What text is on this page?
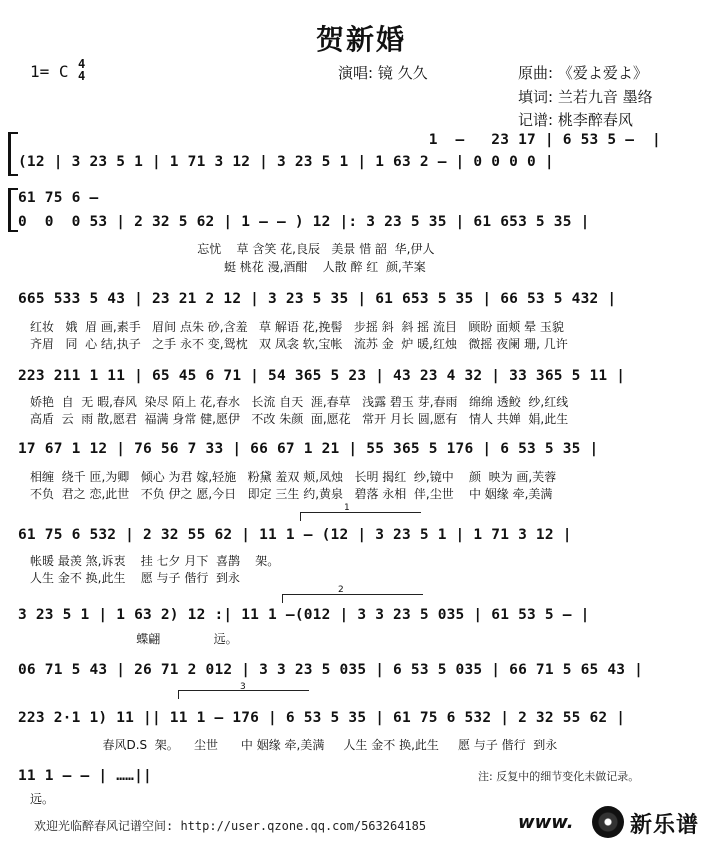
贺新婚
1= C 4
4	演唱: 镜 久久	原曲: 《爱よ爱よ》
填词: 兰若九音 墨络
记谱: 桃李醉春风
1  –   23 17 | 6 53 5 –  |
(12 | 3 23 5 1 | 1 71 3 12 | 3 23 5 1 | 1 63 2 – | 0 0 0 0 |
61 75 6 –
0  0  0 53 | 2 32 5 62 | 1 – – ) 12 |: 3 23 5 35 | 61 653 5 35 |
忘忧    草 含笑 花,良辰   美景 惜 韶  华,伊人
蜓 桃花 漫,酒酣    人散 醉 红  颜,芊案
665 533 5 43 | 23 21 2 12 | 3 23 5 35 | 61 653 5 35 | 66 53 5 432 |
红妆   娥  眉 画,素手   眉间 点朱 砂,含羞   草 解语 花,挽髻   步摇 斜  斜 摇 流目   顾盼 面颊 晕 玉貌
齐眉   同  心 结,执子   之手 永不 变,鸳枕   双 凤衾 软,宝帐   流苏 金  炉 暖,红烛   微摇 夜阑 珊, 几许
223 211 1 11 | 65 45 6 71 | 54 365 5 23 | 43 23 4 32 | 33 365 5 11 |
娇艳  自  无 暇,春风  染尽 陌上 花,春水   长流 自天  涯,春草   浅露 碧玉 芽,春雨   绵绵 透鲛  纱,红线
高盾  云  雨 散,愿君  福满 身常 健,愿伊   不改 朱颜  面,愿花   常开 月长 圆,愿有   情人 共婵  娟,此生
17 67 1 12 | 76 56 7 33 | 66 67 1 21 | 55 365 5 176 | 6 53 5 35 |
相缠  绕千 匝,为卿   倾心 为君 嫁,轻施   粉黛 羞双 颊,凤烛   长明 揭红  纱,镜中    颜  映为 画,芙蓉
不负  君之 恋,此世   不负 伊之 愿,今日   即定 三生 约,黄泉   碧落 永相  伴,尘世    中 姻缘 牵,美满
1
61 75 6 532 | 2 32 55 62 | 11 1 – (12 | 3 23 5 1 | 1 71 3 12 |
帐暖 最羡 煞,诉衷    挂 七夕 月下  喜鹊    架。
人生 金不 换,此生    愿 与子 偕行  到永
2
3 23 5 1 | 1 63 2) 12 :| 11 1 –(012 | 3 3 23 5 035 | 61 53 5 – |
蝶翩              远。
06 71 5 43 | 26 71 2 012 | 3 3 23 5 035 | 6 53 5 035 | 66 71 5 65 43 |
3
223 2·1 1) 11 || 11 1 – 176 | 6 53 5 35 | 61 75 6 532 | 2 32 55 62 |
春风D.S  架。    尘世      中 姻缘 牵,美满     人生 金不 换,此生     愿 与子 偕行  到永
11 1 – – | ……||
远。
注: 反复中的细节变化未做记录。
欢迎光临醉春风记谱空间: http://user.qzone.qq.com/563264185	www.	新乐谱
